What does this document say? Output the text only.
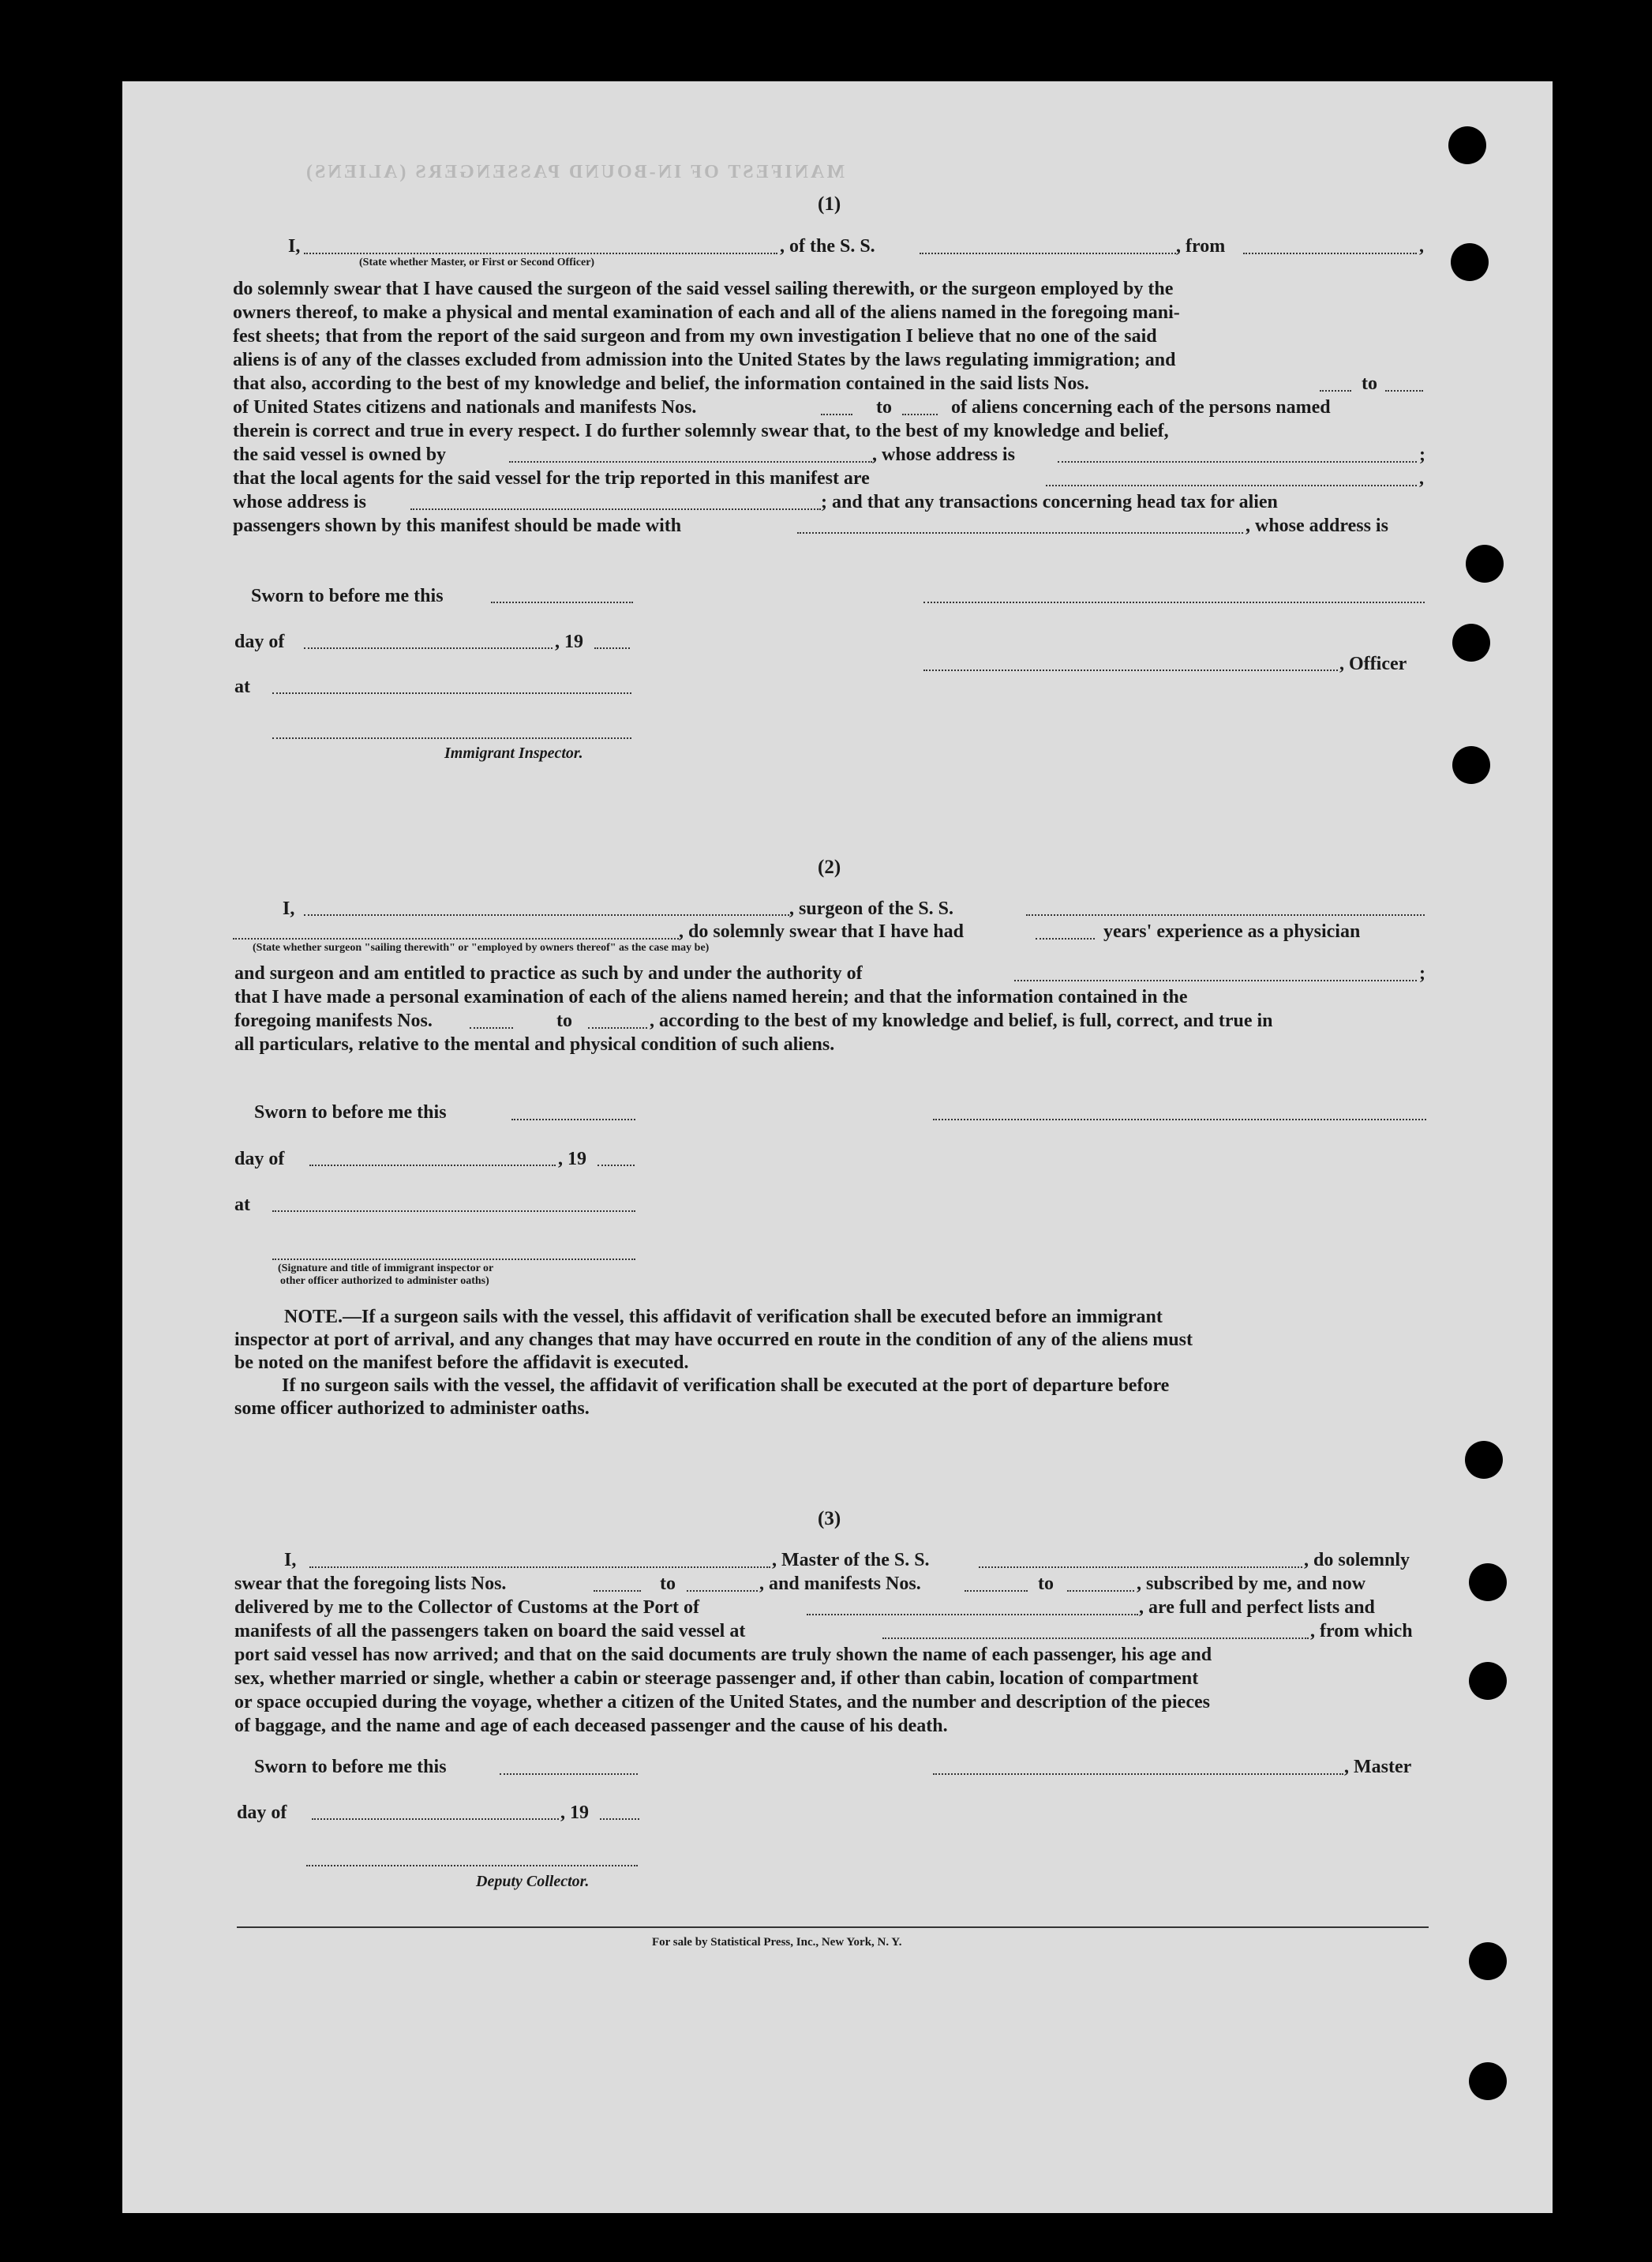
MANIFEST OF IN-BOUND PASSENGERS (ALIENS)
(1)
I,	, of the S. S.	, from	,
(State whether Master, or First or Second Officer)
do solemnly swear that I have caused the surgeon of the said vessel sailing therewith, or the surgeon employed by the
owners thereof, to make a physical and mental examination of each and all of the aliens named in the foregoing mani-
fest sheets; that from the report of the said surgeon and from my own investigation I believe that no one of the said
aliens is of any of the classes excluded from admission into the United States by the laws regulating immigration; and
that also, according to the best of my knowledge and belief, the information contained in the said lists Nos.	to
of United States citizens and nationals and manifests Nos.	to	of aliens concerning each of the persons named
therein is correct and true in every respect. I do further solemnly swear that, to the best of my knowledge and belief,
the said vessel is owned by	, whose address is	;
that the local agents for the said vessel for the trip reported in this manifest are	,
whose address is	; and that any transactions concerning head tax for alien
passengers shown by this manifest should be made with	, whose address is
Sworn to before me this
day of	, 19
, Officer
at
Immigrant Inspector.
(2)
I,	, surgeon of the S. S.
, do solemnly swear that I have had	years' experience as a physician
(State whether surgeon "sailing therewith" or "employed by owners thereof" as the case may be)
and surgeon and am entitled to practice as such by and under the authority of	;
that I have made a personal examination of each of the aliens named herein; and that the information contained in the
foregoing manifests Nos.	to	, according to the best of my knowledge and belief, is full, correct, and true in
all particulars, relative to the mental and physical condition of such aliens.
Sworn to before me this
day of	, 19
at
(Signature and title of immigrant inspector or
other officer authorized to administer oaths)
NOTE.—If a surgeon sails with the vessel, this affidavit of verification shall be executed before an immigrant
inspector at port of arrival, and any changes that may have occurred en route in the condition of any of the aliens must
be noted on the manifest before the affidavit is executed.
If no surgeon sails with the vessel, the affidavit of verification shall be executed at the port of departure before
some officer authorized to administer oaths.
(3)
I,	, Master of the S. S.	, do solemnly
swear that the foregoing lists Nos.	to	, and manifests Nos.	to	, subscribed by me, and now
delivered by me to the Collector of Customs at the Port of	, are full and perfect lists and
manifests of all the passengers taken on board the said vessel at	, from which
port said vessel has now arrived; and that on the said documents are truly shown the name of each passenger, his age and
sex, whether married or single, whether a cabin or steerage passenger and, if other than cabin, location of compartment
or space occupied during the voyage, whether a citizen of the United States, and the number and description of the pieces
of baggage, and the name and age of each deceased passenger and the cause of his death.
Sworn to before me this	, Master
day of	, 19
Deputy Collector.
For sale by Statistical Press, Inc., New York, N. Y.
